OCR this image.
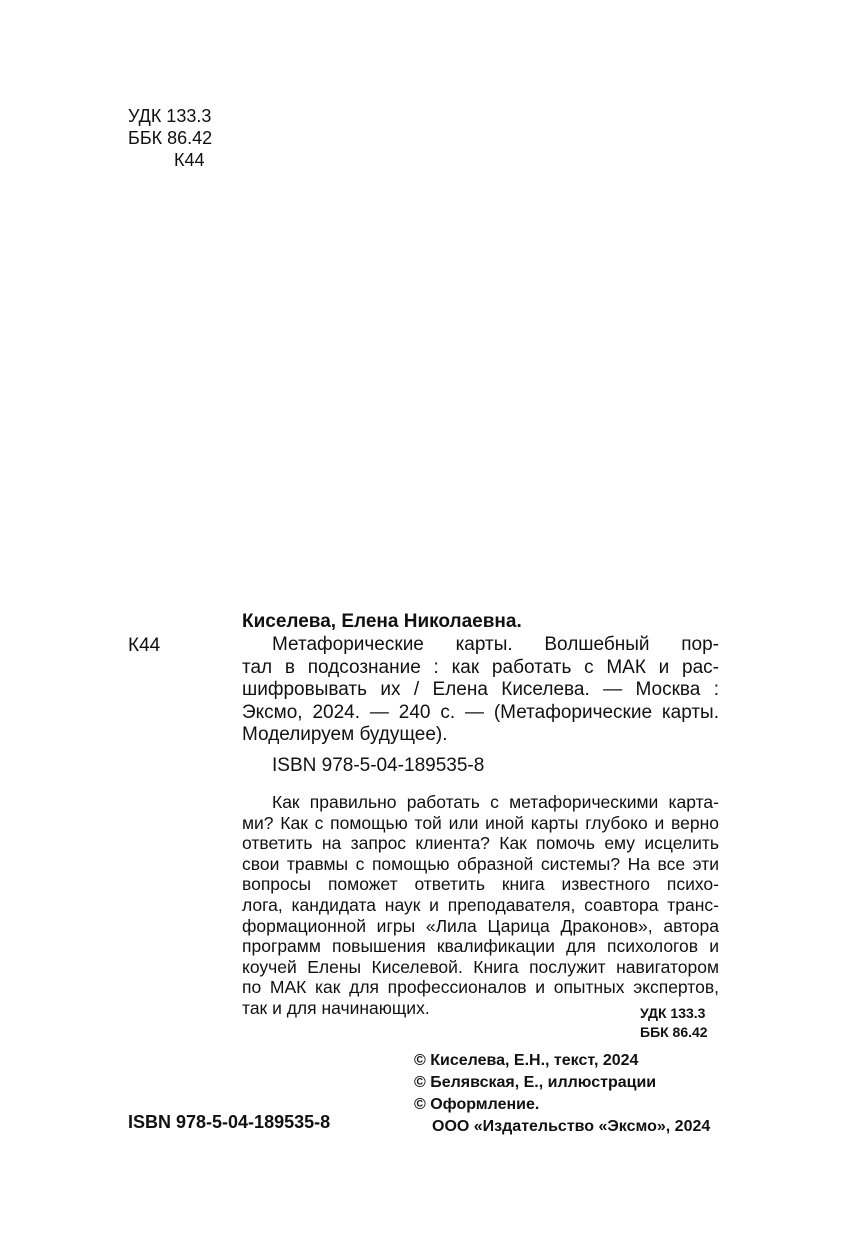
УДК 133.3
ББК 86.42
К44
Киселева, Елена Николаевна.
К44	Метафорические карты. Волшебный пор-
тал в подсознание : как работать с МАК и рас-
шифровывать их / Елена Киселева. — Москва :
Эксмо, 2024. — 240 с. — (Метафорические карты.
Моделируем будущее).
ISBN 978-5-04-189535-8
Как правильно работать с метафорическими карта-
ми? Как с помощью той или иной карты глубоко и верно
ответить на запрос клиента? Как помочь ему исцелить
свои травмы с помощью образной системы? На все эти
вопросы поможет ответить книга известного психо-
лога, кандидата наук и преподавателя, соавтора транс-
формационной игры «Лила Царица Драконов», автора
программ повышения квалификации для психологов и
коучей Елены Киселевой. Книга послужит навигатором
по МАК как для профессионалов и опытных экспертов,
так и для начинающих.	УДК 133.3
ББК 86.42
© Киселева, Е.Н., текст, 2024
© Белявская, Е., иллюстрации
© Оформление.
ООО «Издательство «Эксмо», 2024
ISBN 978-5-04-189535-8
